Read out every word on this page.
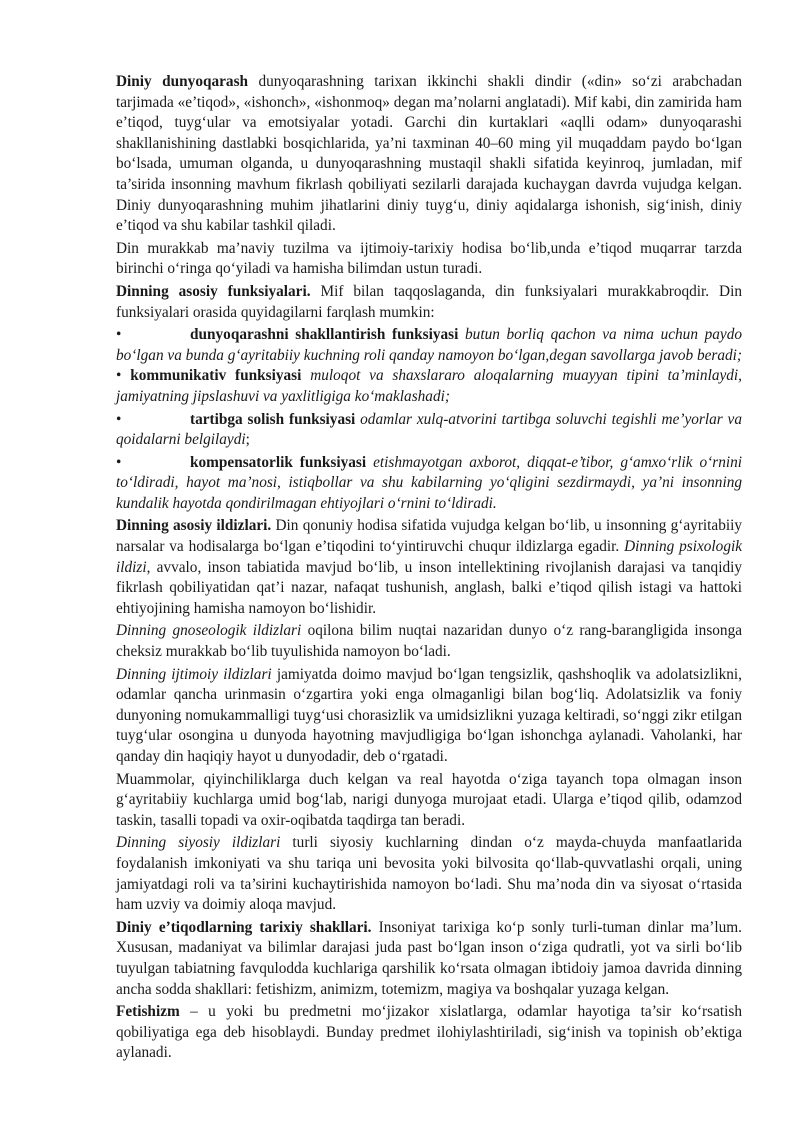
Diniy dunyoqarash dunyoqarashning tarixan ikkinchi shakli dindir («din» so‘zi arabchadan tarjimada «e’tiqod», «ishonch», «ishonmoq» degan ma’nolarni anglatadi). Mif kabi, din zamirida ham e’tiqod, tuyg‘ular va emotsiyalar yotadi. Garchi din kurtaklari «aqlli odam» dunyoqarashi shakllanishining dastlabki bosqichlarida, ya’ni taxminan 40–60 ming yil muqaddam paydo bo‘lgan bo‘lsada, umuman olganda, u dunyoqarashning mustaqil shakli sifatida keyinroq, jumladan, mif ta’sirida insonning mavhum fikrlash qobiliyati sezilarli darajada kuchaygan davrda vujudga kelgan. Diniy dunyoqarashning muhim jihatlarini diniy tuyg‘u, diniy aqidalarga ishonish, sig‘inish, diniy e’tiqod va shu kabilar tashkil qiladi.

Din murakkab ma’naviy tuzilma va ijtimoiy-tarixiy hodisa bo‘lib,unda e’tiqod muqarrar tarzda birinchi o‘ringa qo‘yiladi va hamisha bilimdan ustun turadi.

Dinning asosiy funksiyalari. Mif bilan taqqoslaganda, din funksiyalari murakkabroqdir. Din funksiyalari orasida quyidagilarni farqlash mumkin:

•	dunyoqarashni shakllantirish funksiyasi butun borliq qachon va nima uchun paydo bo‘lgan va bunda g‘ayritabiiy kuchning roli qanday namoyon bo‘lgan,degan savollarga javob beradi; • kommunikativ funksiyasi muloqot va shaxslararo aloqalarning muayyan tipini ta’minlaydi, jamiyatning jipslashuvi va yaxlitligiga ko‘maklashadi;

•	tartibga solish funksiyasi odamlar xulq-atvorini tartibga soluvchi tegishli me’yorlar va qoidalarni belgilaydi;

•	kompensatorlik funksiyasi etishmayotgan axborot, diqqat-e’tibor, g‘amxo‘rlik o‘rnini to‘ldiradi, hayot ma’nosi, istiqbollar va shu kabilarning yo‘qligini sezdirmaydi, ya’ni insonning kundalik hayotda qondirilmagan ehtiyojlari o‘rnini to‘ldiradi.

Dinning asosiy ildizlari. Din qonuniy hodisa sifatida vujudga kelgan bo‘lib, u insonning g‘ayritabiiy narsalar va hodisalarga bo‘lgan e’tiqodini to‘yintiruvchi chuqur ildizlarga egadir. Dinning psixologik ildizi, avvalo, inson tabiatida mavjud bo‘lib, u inson intellektining rivojlanish darajasi va tanqidiy fikrlash qobiliyatidan qat’i nazar, nafaqat tushunish, anglash, balki e’tiqod qilish istagi va hattoki ehtiyojining hamisha namoyon bo‘lishidir.

Dinning gnoseologik ildizlari oqilona bilim nuqtai nazaridan dunyo o‘z rang-barangligida insonga cheksiz murakkab bo‘lib tuyulishida namoyon bo‘ladi.

Dinning ijtimoiy ildizlari jamiyatda doimo mavjud bo‘lgan tengsizlik, qashshoqlik va adolatsizlikni, odamlar qancha urinmasin o‘zgartira yoki enga olmaganligi bilan bog‘liq. Adolatsizlik va foniy dunyoning nomukammalligi tuyg‘usi chorasizlik va umidsizlikni yuzaga keltiradi, so‘nggi zikr etilgan tuyg‘ular osongina u dunyoda hayotning mavjudligiga bo‘lgan ishonchga aylanadi. Vaholanki, har qanday din haqiqiy hayot u dunyodadir, deb o‘rgatadi.

Muammolar, qiyinchiliklarga duch kelgan va real hayotda o‘ziga tayanch topa olmagan inson g‘ayritabiiy kuchlarga umid bog‘lab, narigi dunyoga murojaat etadi. Ularga e’tiqod qilib, odamzod taskin, tasalli topadi va oxir-oqibatda taqdirga tan beradi.

Dinning siyosiy ildizlari turli siyosiy kuchlarning dindan o‘z mayda-chuyda manfaatlarida foydalanish imkoniyati va shu tariqa uni bevosita yoki bilvosita qo‘llab-quvvatlashi orqali, uning jamiyatdagi roli va ta’sirini kuchaytirishida namoyon bo‘ladi. Shu ma’noda din va siyosat o‘rtasida ham uzviy va doimiy aloqa mavjud.

Diniy e’tiqodlarning tarixiy shakllari. Insoniyat tarixiga ko‘p sonly turli-tuman dinlar ma’lum. Xususan, madaniyat va bilimlar darajasi juda past bo‘lgan inson o‘ziga qudratli, yot va sirli bo‘lib tuyulgan tabiatning favqulodda kuchlariga qarshilik ko‘rsata olmagan ibtidoiy jamoa davrida dinning ancha sodda shakllari: fetishizm, animizm, totemizm, magiya va boshqalar yuzaga kelgan.

Fetishizm – u yoki bu predmetni mo‘jizakor xislatlarga, odamlar hayotiga ta’sir ko‘rsatish qobiliyatiga ega deb hisoblaydi. Bunday predmet ilohiylashtiriladi, sig‘inish va topinish ob’ektiga aylanadi.
